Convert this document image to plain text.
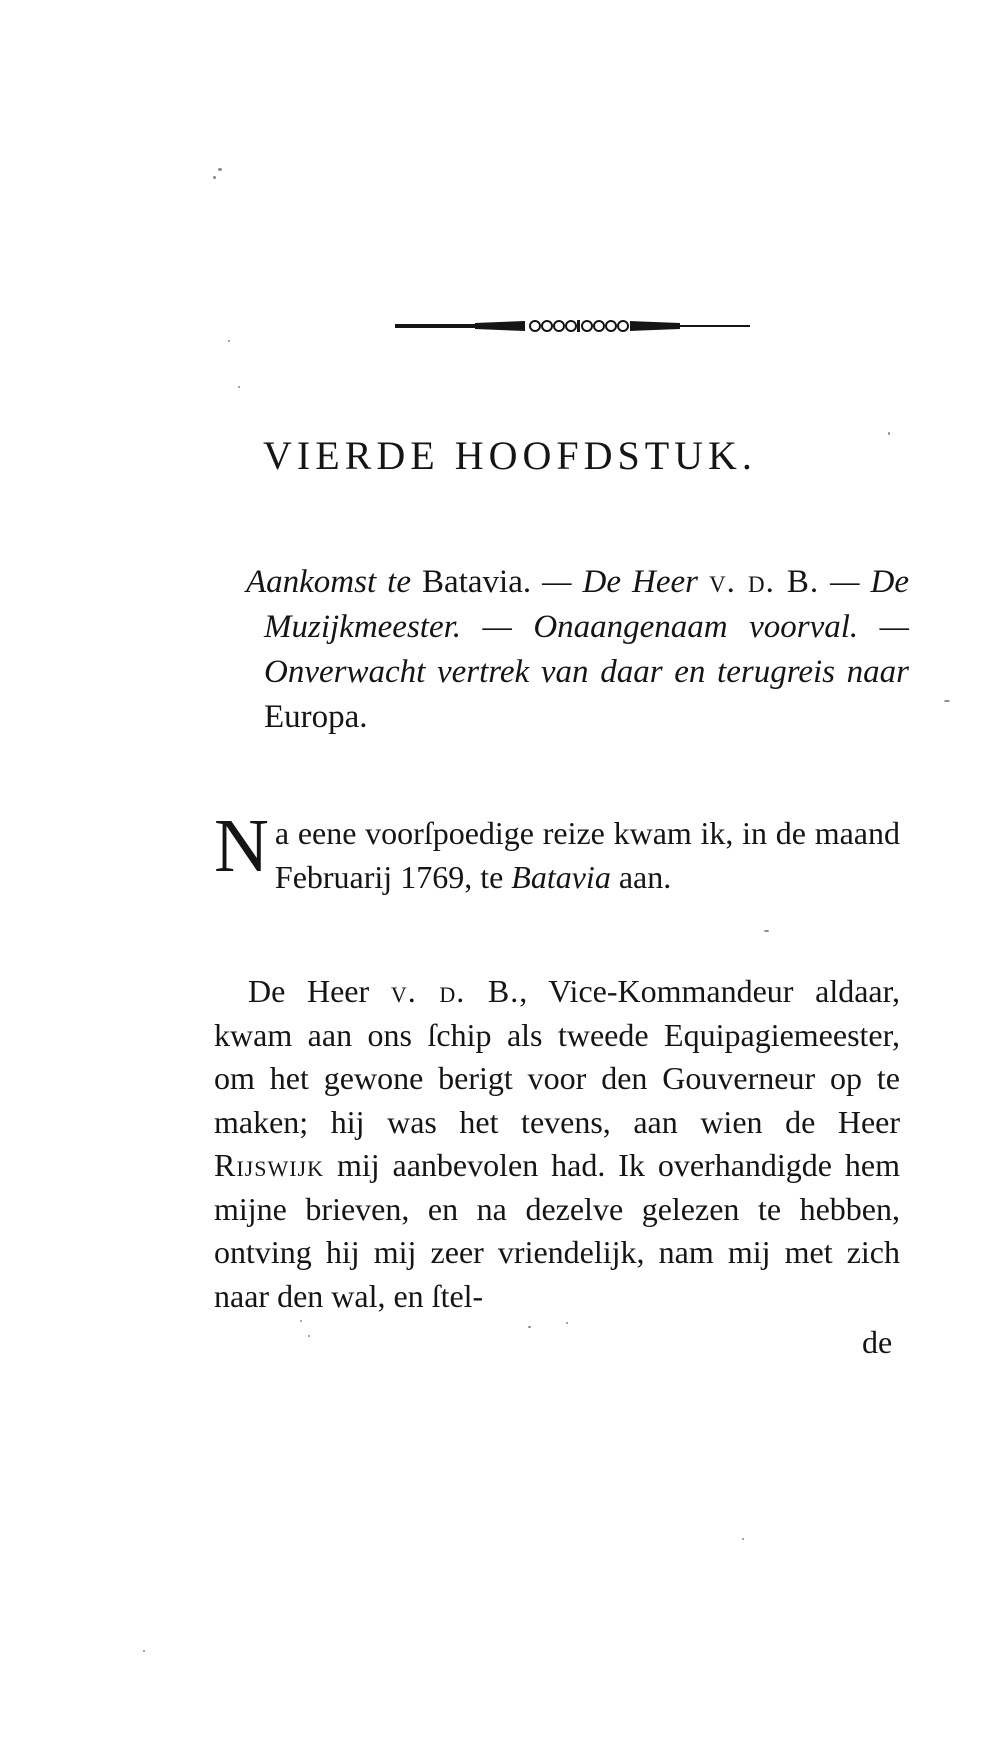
VIERDE HOOFDSTUK.

Aankomst te Batavia. — De Heer v. d. B. — De Muzijkmeester. — Onaangenaam voorval. — Onverwacht vertrek van daar en terugreis naar Europa.

Na eene voorſpoedige reize kwam ik, in de maand Februarij 1769, te Batavia aan.

De Heer v. d. B., Vice-Kommandeur aldaar, kwam aan ons ſchip als tweede Equipagiemeester, om het gewone berigt voor den Gouverneur op te maken; hij was het tevens, aan wien de Heer Rijswijk mij aanbevolen had. Ik overhandigde hem mijne brieven, en na dezelve gelezen te hebben, ontving hij mij zeer vriendelijk, nam mij met zich naar den wal, en ſtel-

de
